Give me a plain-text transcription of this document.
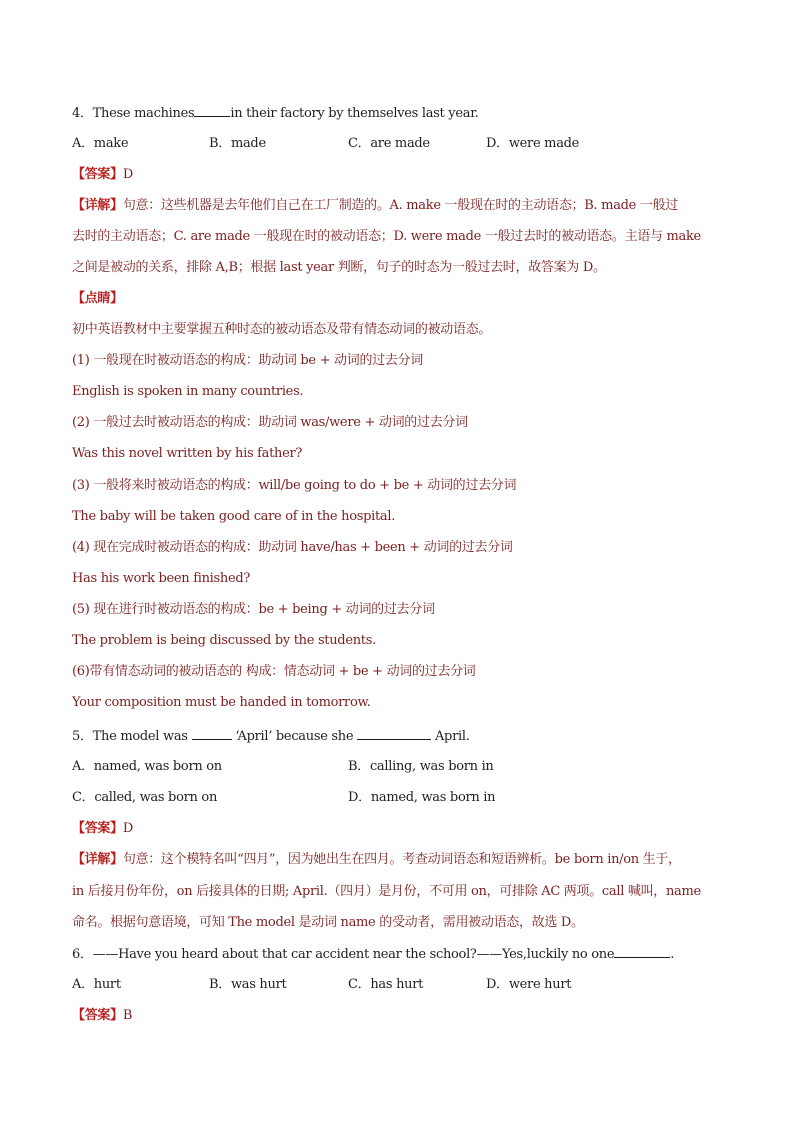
4．These machines	in their factory by themselves last year.

A．make	B．made	C．are made	D．were made

【答案】D

【详解】句意：这些机器是去年他们自己在工厂制造的。A. make 一般现在时的主动语态；B. made 一般过

去时的主动语态；C. are made 一般现在时的被动语态；D. were made 一般过去时的被动语态。主语与 make

之间是被动的关系，排除 A,B；根据 last year 判断，句子的时态为一般过去时，故答案为 D。

【点睛】

初中英语教材中主要掌握五种时态的被动语态及带有情态动词的被动语态。

(1) 一般现在时被动语态的构成：助动词 be + 动词的过去分词

English is spoken in many countries.

(2) 一般过去时被动语态的构成：助动词 was/were + 动词的过去分词

Was this novel written by his father?

(3) 一般将来时被动语态的构成：will/be going to do + be + 动词的过去分词

The baby will be taken good care of in the hospital.

(4) 现在完成时被动语态的构成：助动词 have/has + been + 动词的过去分词

Has his work been finished?

(5) 现在进行时被动语态的构成：be + being + 动词的过去分词

The problem is being discussed by the students.

(6)带有情态动词的被动语态的 构成：情态动词 + be + 动词的过去分词

Your composition must be handed in tomorrow.

5．The model was	‘April’ because she	April.

A．named, was born on	B．calling, was born in
C．called, was born on	D．named, was born in

【答案】D

【详解】句意：这个模特名叫“四月”，因为她出生在四月。考查动词语态和短语辨析。be born in/on 生于，

in 后接月份年份，on 后接具体的日期; April.（四月）是月份，不可用 on，可排除 AC 两项。call 喊叫，name

命名。根据句意语境，可知 The model 是动词 name 的受动者，需用被动语态，故选 D。

6．——Have you heard about that car accident near the school?——Yes,luckily no one	.

A．hurt	B．was hurt	C．has hurt	D．were hurt

【答案】B
